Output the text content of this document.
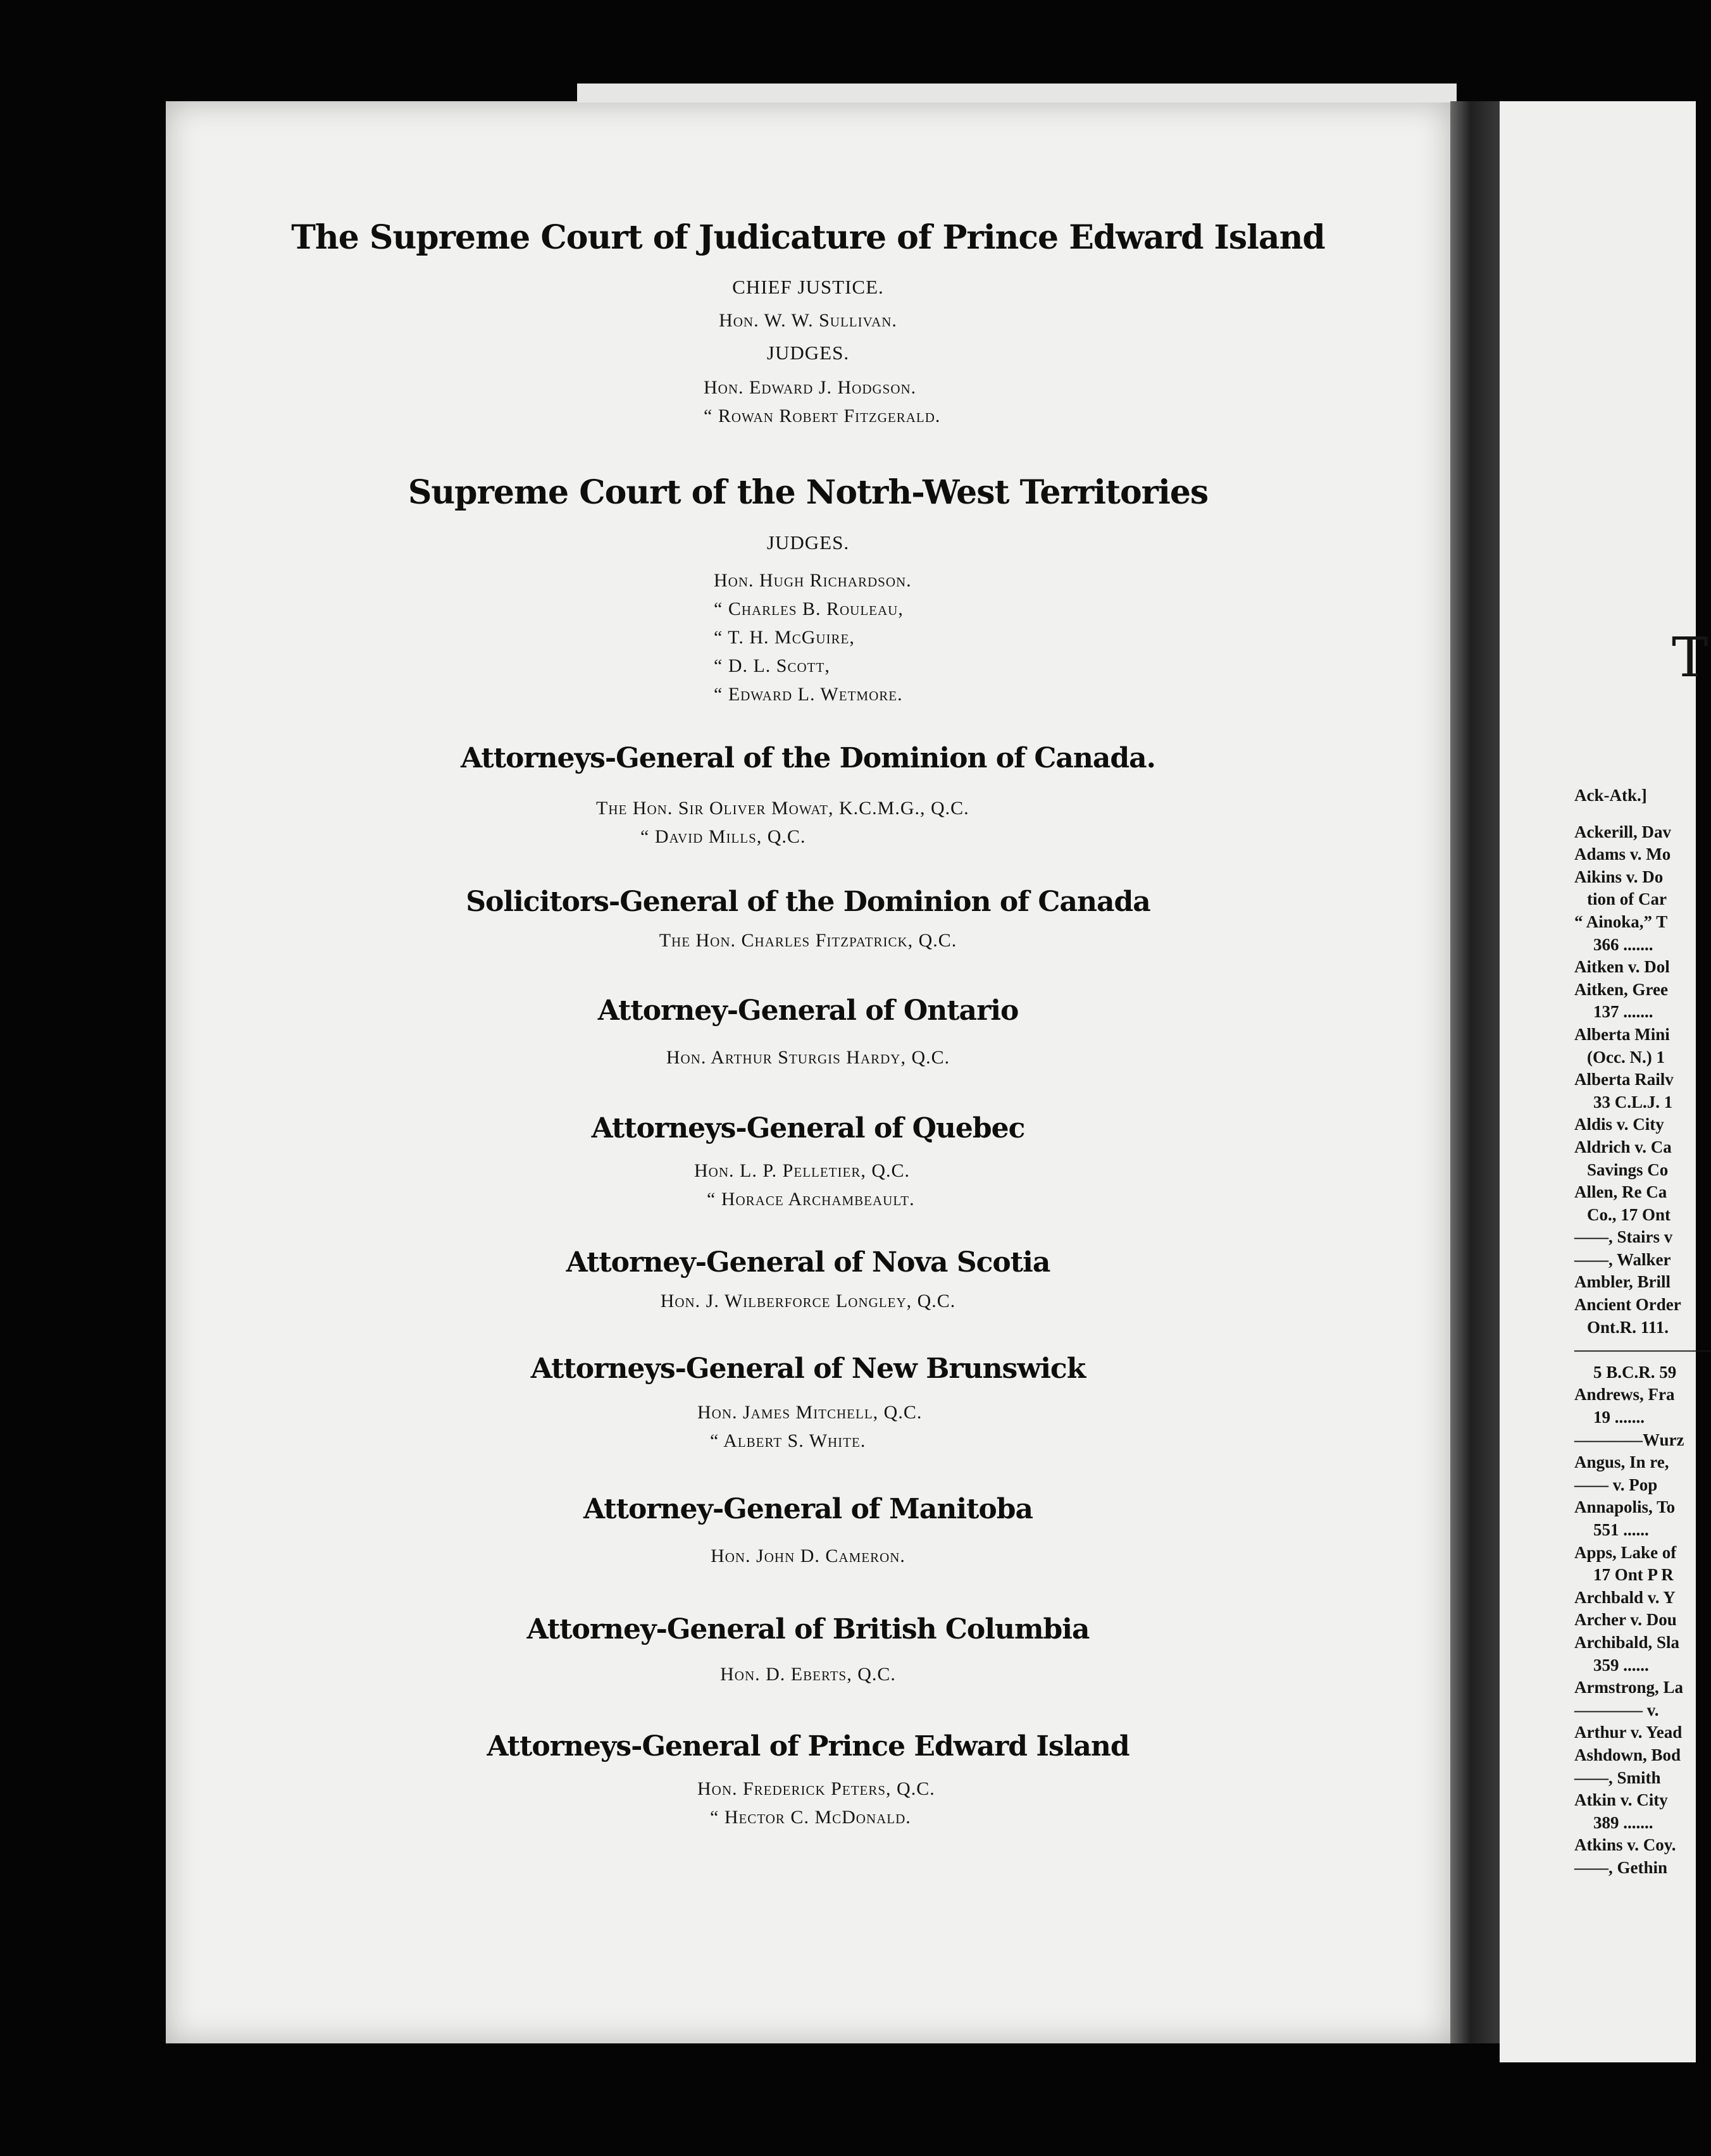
The Supreme Court of Judicature of Prince Edward Island
CHIEF JUSTICE.
Hon. W. W. Sullivan.
JUDGES.
Hon. Edward J. Hodgson.
“ Rowan Robert Fitzgerald.
Supreme Court of the Notrh-West Territories
JUDGES.
Hon. Hugh Richardson.
“ Charles B. Rouleau,
“ T. H. McGuire,
“ D. L. Scott,
“ Edward L. Wetmore.
Attorneys-General of the Dominion of Canada.
The Hon. Sir Oliver Mowat, K.C.M.G., Q.C.
“ David Mills, Q.C.
Solicitors-General of the Dominion of Canada
The Hon. Charles Fitzpatrick, Q.C.
Attorney-General of Ontario
Hon. Arthur Sturgis Hardy, Q.C.
Attorneys-General of Quebec
Hon. L. P. Pelletier, Q.C.
“ Horace Archambeault.
Attorney-General of Nova Scotia
Hon. J. Wilberforce Longley, Q.C.
Attorneys-General of New Brunswick
Hon. James Mitchell, Q.C.
“ Albert S. White.
Attorney-General of Manitoba
Hon. John D. Cameron.
Attorney-General of British Columbia
Hon. D. Eberts, Q.C.
Attorneys-General of Prince Edward Island
Hon. Frederick Peters, Q.C.
“ Hector C. McDonald.
T
Ack-Atk.]
Ackerill, Dav
Adams v. Mo
Aikins v. Do
tion of Car
“ Ainoka,” T
366 .......
Aitken v. Dol
Aitken, Gree
137 .......
Alberta Mini
(Occ. N.) 1
Alberta Railv
33 C.L.J. 1
Aldis v. City
Aldrich v. Ca
Savings Co
Allen, Re Ca
Co., 17 Ont
——, Stairs v
——, Walker
Ambler, Brill
Ancient Order
Ont.R. 111.
————————
5 B.C.R. 59
Andrews, Fra
19 .......
————Wurz
Angus, In re,
—— v. Pop
Annapolis, To
551 ......
Apps, Lake of
17 Ont P R
Archbald v. Y
Archer v. Dou
Archibald, Sla
359 ......
Armstrong, La
———— v.
Arthur v. Yead
Ashdown, Bod
——, Smith
Atkin v. City
389 .......
Atkins v. Coy.
——, Gethin
